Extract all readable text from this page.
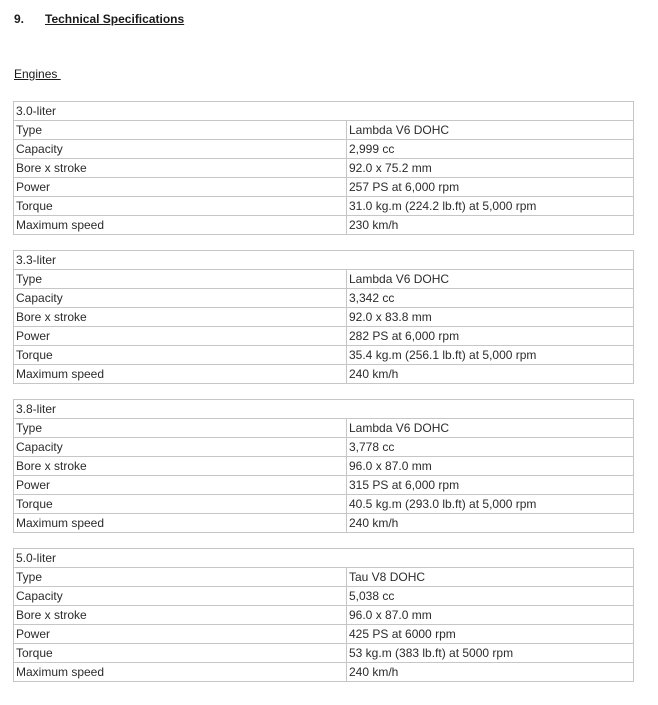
9. Technical Specifications
Engines
3.0-liter	
Type	Lambda V6 DOHC
Capacity	2,999 cc
Bore x stroke	92.0 x 75.2 mm
Power	257 PS at 6,000 rpm
Torque	31.0 kg.m (224.2 lb.ft) at 5,000 rpm
Maximum speed	230 km/h
3.3-liter	
Type	Lambda V6 DOHC
Capacity	3,342 cc
Bore x stroke	92.0 x 83.8 mm
Power	282 PS at 6,000 rpm
Torque	35.4 kg.m (256.1 lb.ft) at 5,000 rpm
Maximum speed	240 km/h
3.8-liter	
Type	Lambda V6 DOHC
Capacity	3,778 cc
Bore x stroke	96.0 x 87.0 mm
Power	315 PS at 6,000 rpm
Torque	40.5 kg.m (293.0 lb.ft) at 5,000 rpm
Maximum speed	240 km/h
5.0-liter	
Type	Tau V8 DOHC
Capacity	5,038 cc
Bore x stroke	96.0 x 87.0 mm
Power	425 PS at 6000 rpm
Torque	53 kg.m (383 lb.ft) at 5000 rpm
Maximum speed	240 km/h
